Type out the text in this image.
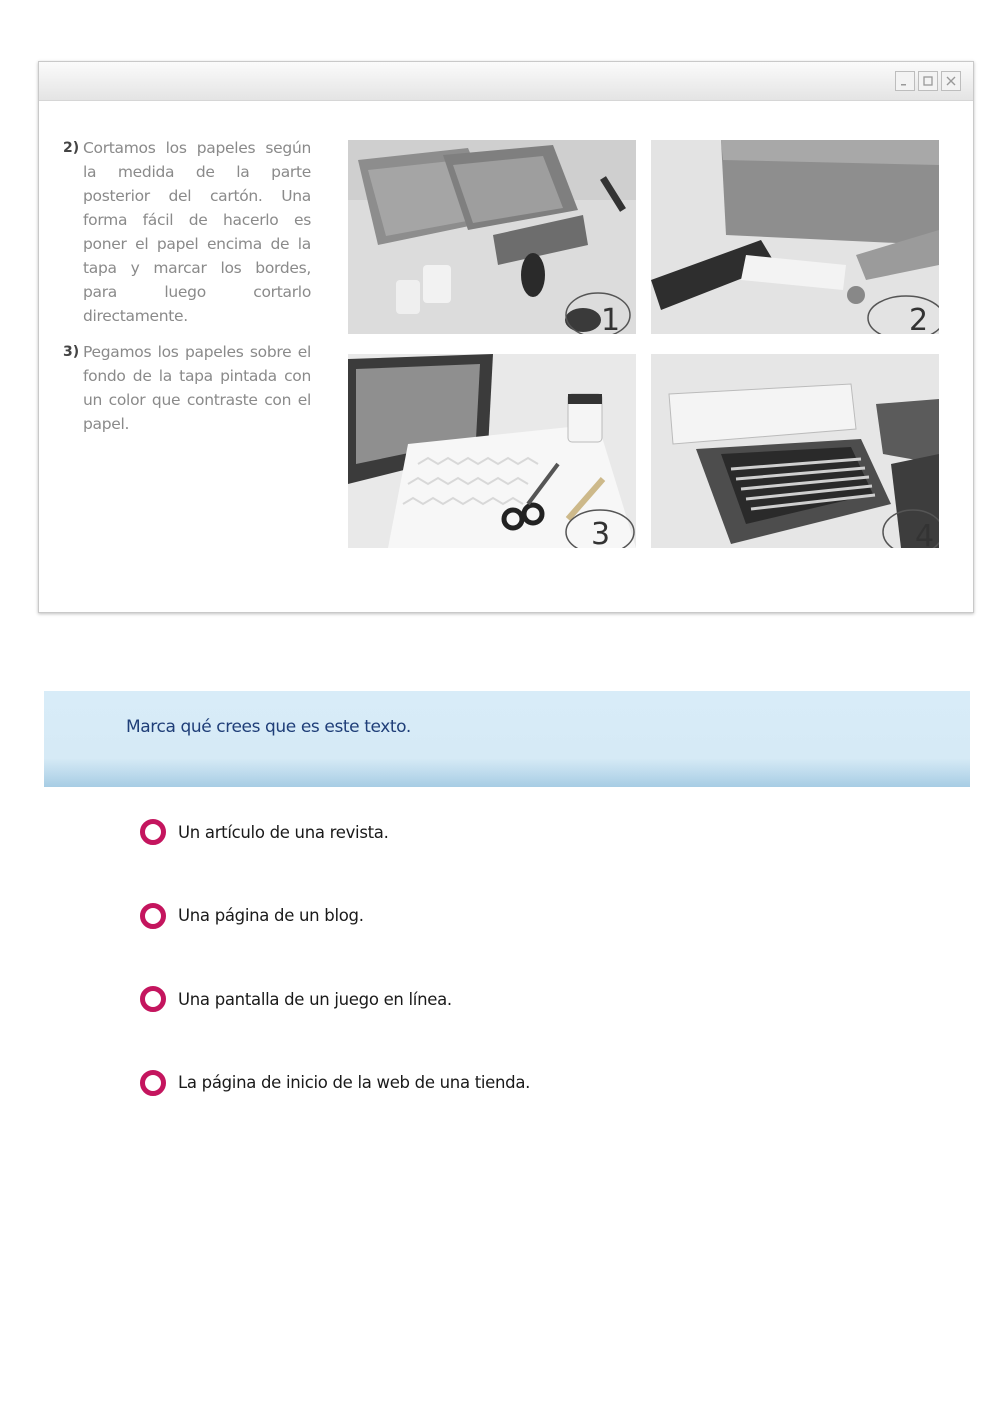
2) Cortamos los papeles según la medida de la parte posterior del cartón. Una forma fácil de hacerlo es poner el papel encima de la tapa y marcar los bordes, para luego cortarlo directamente.
3) Pegamos los papeles sobre el fondo de la tapa pintada con un color que contraste con el papel.
1	2
3	4
Marca qué crees que es este texto.
Un artículo de una revista.
Una página de un blog.
Una pantalla de un juego en línea.
La página de inicio de la web de una tienda.
